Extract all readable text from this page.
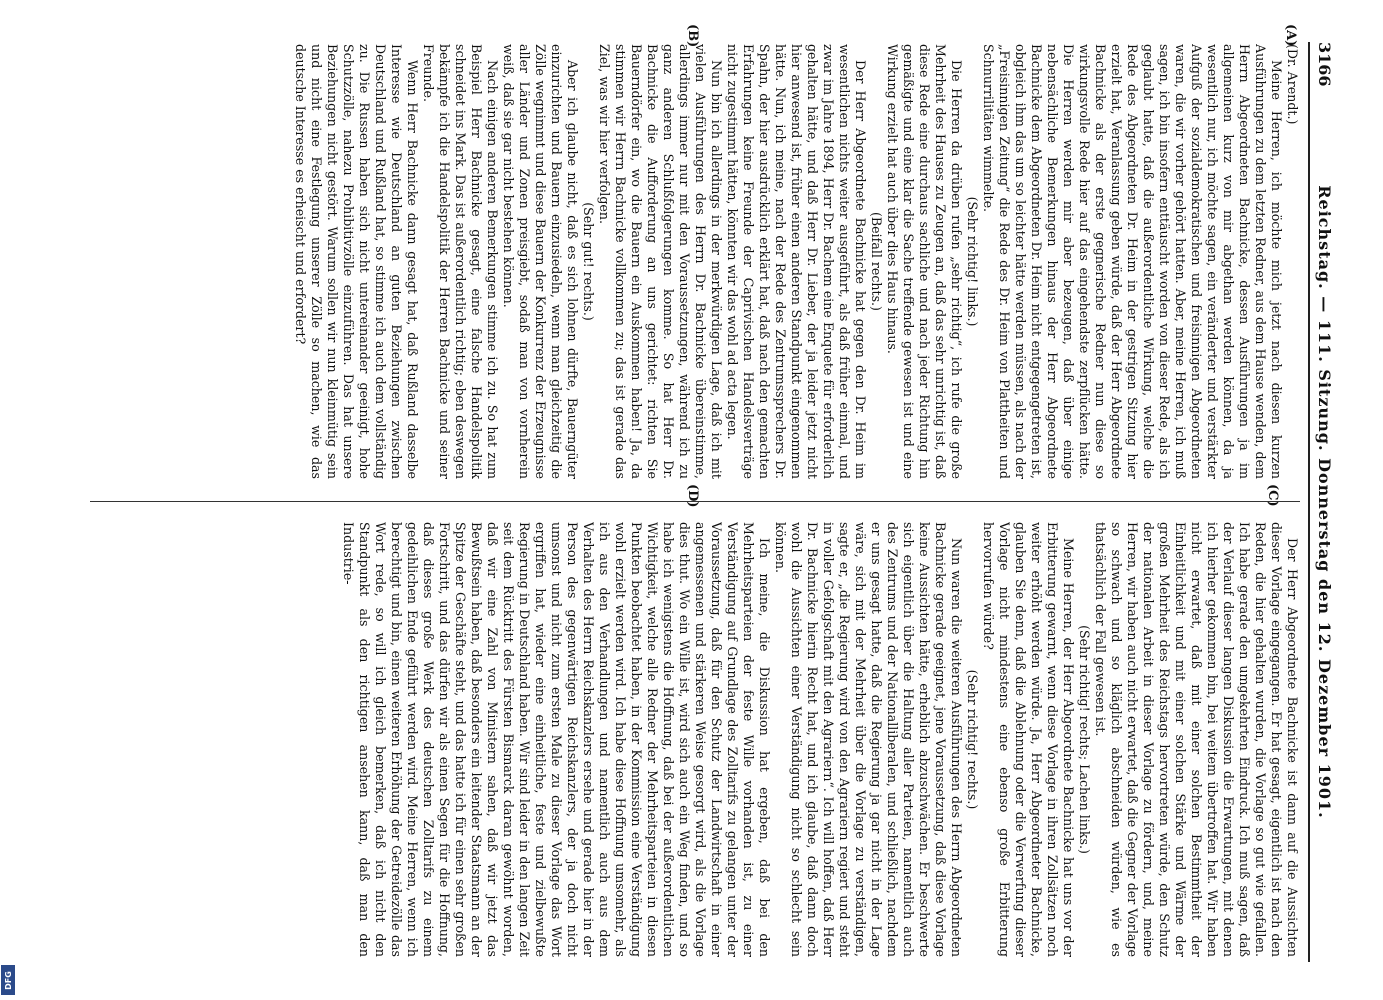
3166
Reichstag. — 111. Sitzung. Donnerstag den 12. Dezember 1901.
(A)
(B)
(C)
(D)

(Dr. Arendt.)

Meine Herren, ich möchte mich jetzt nach diesen kurzen Ausführungen zu dem letzten Redner, aus dem Hause wenden, dem Herrn Abgeordneten Bachnicke, dessen Ausführungen ja im allgemeinen kurz von mir abgethan werden können, da ja wesentlich nur, ich möchte sagen, ein veränderter und verstärkter Aufguß der sozialdemokratischen und freisinnigen Abgeordneten waren, die wir vorher gehört hatten. Aber, meine Herren, ich muß sagen, ich bin insofern enttäuscht worden von dieser Rede, als ich geglaubt hatte, daß die außerordentliche Wirkung, welche die Rede des Abgeordneten Dr. Heim in der gestrigen Sitzung hier erzielt hat, Veranlassung geben würde, daß der Herr Abgeordnete Bachnicke als der erste gegnerische Redner nun diese so wirkungsvolle Rede hier auf das eingehendste zerpflücken hätte. Die Herren werden mir aber bezeugen, daß über einige nebensächliche Bemerkungen hinaus der Herr Abgeordnete Bachnicke dem Abgeordneten Dr. Heim nicht entgegengetreten ist, obgleich ihm das um so leichter hätte werden müssen, als nach der „Freisinnigen Zeitung“ die Rede des Dr. Heim von Plattheiten und Schnurrilitäten wimmelte.

(Sehr richtig! links.)

Die Herren da drüben rufen „sehr richtig“, ich rufe die große Mehrheit des Hauses zu Zeugen an, daß das sehr unrichtig ist, daß diese Rede eine durchaus sachliche und nach jeder Richtung hin gemäßigte und eine klar die Sache treffende gewesen ist und eine Wirkung erzielt hat auch über dies Haus hinaus.

(Beifall rechts.)

Der Herr Abgeordnete Bachnicke hat gegen den Dr. Heim im wesentlichen nichts weiter ausgeführt, als daß früher einmal, und zwar im Jahre 1894, Herr Dr. Bachem eine Enquete für erforderlich gehalten hätte, und daß Herr Dr. Lieber, der ja leider jetzt nicht hier anwesend ist, früher einen anderen Standpunkt eingenommen hätte. Nun, ich meine, nach der Rede des Zentrumssprechers Dr. Spahn, der hier ausdrücklich erklärt hat, daß nach den gemachten Erfahrungen keine Freunde der Caprivischen Handelsverträge nicht zugestimmt hätten, könnten wir das wohl ad acta legen.

Nun bin ich allerdings in der merkwürdigen Lage, daß ich mit vielen Ausführungen des Herrn Dr. Bachnicke übereinstimme, allerdings immer nur mit den Voraussetzungen, während ich zu ganz anderen Schlußfolgerungen komme. So hat Herr Dr. Bachnicke die Aufforderung an uns gerichtet: richten Sie Bauerndörfer ein, wo die Bauern ein Auskommen haben! Ja, da stimmen wir Herrn Bachnicke vollkommen zu; das ist gerade das Ziel, was wir hier verfolgen.

(Sehr gut! rechts.)

Aber ich glaube nicht, daß es sich lohnen dürfte, Bauerngüter einzurichten und Bauern einzusiedeln, wenn man gleichzeitig die Zölle wegnimmt und diese Bauern der Konkurrenz der Erzeugnisse aller Länder und Zonen preisgiebt, sodaß man von vornherein weiß, daß sie gar nicht bestehen können.

Nach einigen anderen Bemerkungen stimme ich zu. So hat zum Beispiel Herr Bachnicke gesagt, eine falsche Handelspolitik schneidet ins Mark. Das ist außerordentlich richtig; eben deswegen bekämpfe ich die Handelspolitik der Herren Bachnicke und seiner Freunde.

Wenn Herr Bachnicke dann gesagt hat, daß Rußland dasselbe Interesse wie Deutschland an guten Beziehungen zwischen Deutschland und Rußland hat, so stimme ich auch dem vollständig zu. Die Russen haben sich nicht untereinander geeinigt, hohe Schutzzölle, nahezu Prohibitivzölle einzuführen. Das hat unsere Beziehungen nicht gestört. Warum sollen wir nun kleinmütig sein und nicht eine Festlegung unserer Zölle so machen, wie das deutsche Interesse es erheischt und erfordert?

Der Herr Abgeordnete Bachnicke ist dann auf die Aussichten dieser Vorlage eingegangen. Er hat gesagt, eigentlich ist nach den Reden, die hier gehalten wurden, die Vorlage so gut wie gefallen. Ich habe gerade den umgekehrten Eindruck. Ich muß sagen, daß der Verlauf dieser langen Diskussion die Erwartungen, mit denen ich hierher gekommen bin, bei weitem übertroffen hat. Wir haben nicht erwartet, daß mit einer solchen Bestimmtheit der Einheitlichkeit und mit einer solchen Stärke und Wärme der großen Mehrheit des Reichstags hervortreten würde, den Schutz der nationalen Arbeit in dieser Vorlage zu fördern, und, meine Herren, wir haben auch nicht erwartet, daß die Gegner der Vorlage so schwach und so kläglich abschneiden würden, wie es thatsächlich der Fall gewesen ist.

(Sehr richtig! rechts; Lachen links.)

Meine Herren, der Herr Abgeordnete Bachnicke hat uns vor der Erbitterung gewarnt, wenn diese Vorlage in ihren Zollsätzen noch weiter erhöht werden würde. Ja, Herr Abgeordneter Bachnicke, glauben Sie denn, daß die Ablehnung oder die Verwerfung dieser Vorlage nicht mindestens eine ebenso große Erbitterung hervorrufen würde?

(Sehr richtig! rechts.)

Nun waren die weiteren Ausführungen des Herrn Abgeordneten Bachnicke gerade geeignet, jene Voraussetzung, daß diese Vorlage keine Aussichten hätte, erheblich abzuschwächen. Er beschwerte sich eigentlich über die Haltung aller Parteien, namentlich auch des Zentrums und der Nationalliberalen, und schließlich, nachdem er uns gesagt hatte, daß die Regierung ja gar nicht in der Lage wäre, sich mit der Mehrheit über die Vorlage zu verständigen, sagte er, „die Regierung wird von den Agrariern regiert und steht in voller Gefolgschaft mit den Agrariern“. Ich will hoffen, daß Herr Dr. Bachnicke hierin Recht hat, und ich glaube, daß dann doch wohl die Aussichten einer Verständigung nicht so schlecht sein können.

Ich meine, die Diskussion hat ergeben, daß bei den Mehrheitsparteien der feste Wille vorhanden ist, zu einer Verständigung auf Grundlage des Zolltarifs zu gelangen unter der Voraussetzung, daß für den Schutz der Landwirtschaft in einer angemessenen und stärkeren Weise gesorgt wird, als die Vorlage dies thut. Wo ein Wille ist, wird sich auch ein Weg finden, und so habe ich wenigstens die Hoffnung, daß bei der außerordentlichen Wichtigkeit, welche alle Redner der Mehrheitsparteien in diesen Punkten beobachtet haben, in der Kommission eine Verständigung wohl erzielt werden wird. Ich habe diese Hoffnung umsomehr, als ich aus den Verhandlungen und namentlich auch aus dem Verhalten des Herrn Reichskanzlers ersehe und gerade hier in der Person des gegenwärtigen Reichskanzlers, der ja doch nicht umsonst und nicht zum ersten Male zu dieser Vorlage das Wort ergriffen hat, wieder eine einheitliche, feste und zielbewußte Regierung in Deutschland haben. Wir sind leider in den langen Zeit seit dem Rücktritt des Fürsten Bismarck daran gewöhnt worden, daß wir eine Zahl von Ministern sahen, daß wir jetzt das Bewußtsein haben, daß besonders ein leitender Staatsmann an der Spitze der Geschäfte steht, und das hatte ich für einen sehr großen Fortschritt, und das dürfen wir als einen Segen für die Hoffnung, daß dieses große Werk des deutschen Zolltarifs zu einem gedeihlichen Ende geführt werden wird. Meine Herren, wenn ich berechtigt und bin, einen weiteren Erhöhung der Getreidezölle das Wort rede, so will ich gleich bemerken, daß ich nicht den Standpunkt als den richtigen ansehen kann, daß man den Industrie-

DFG
